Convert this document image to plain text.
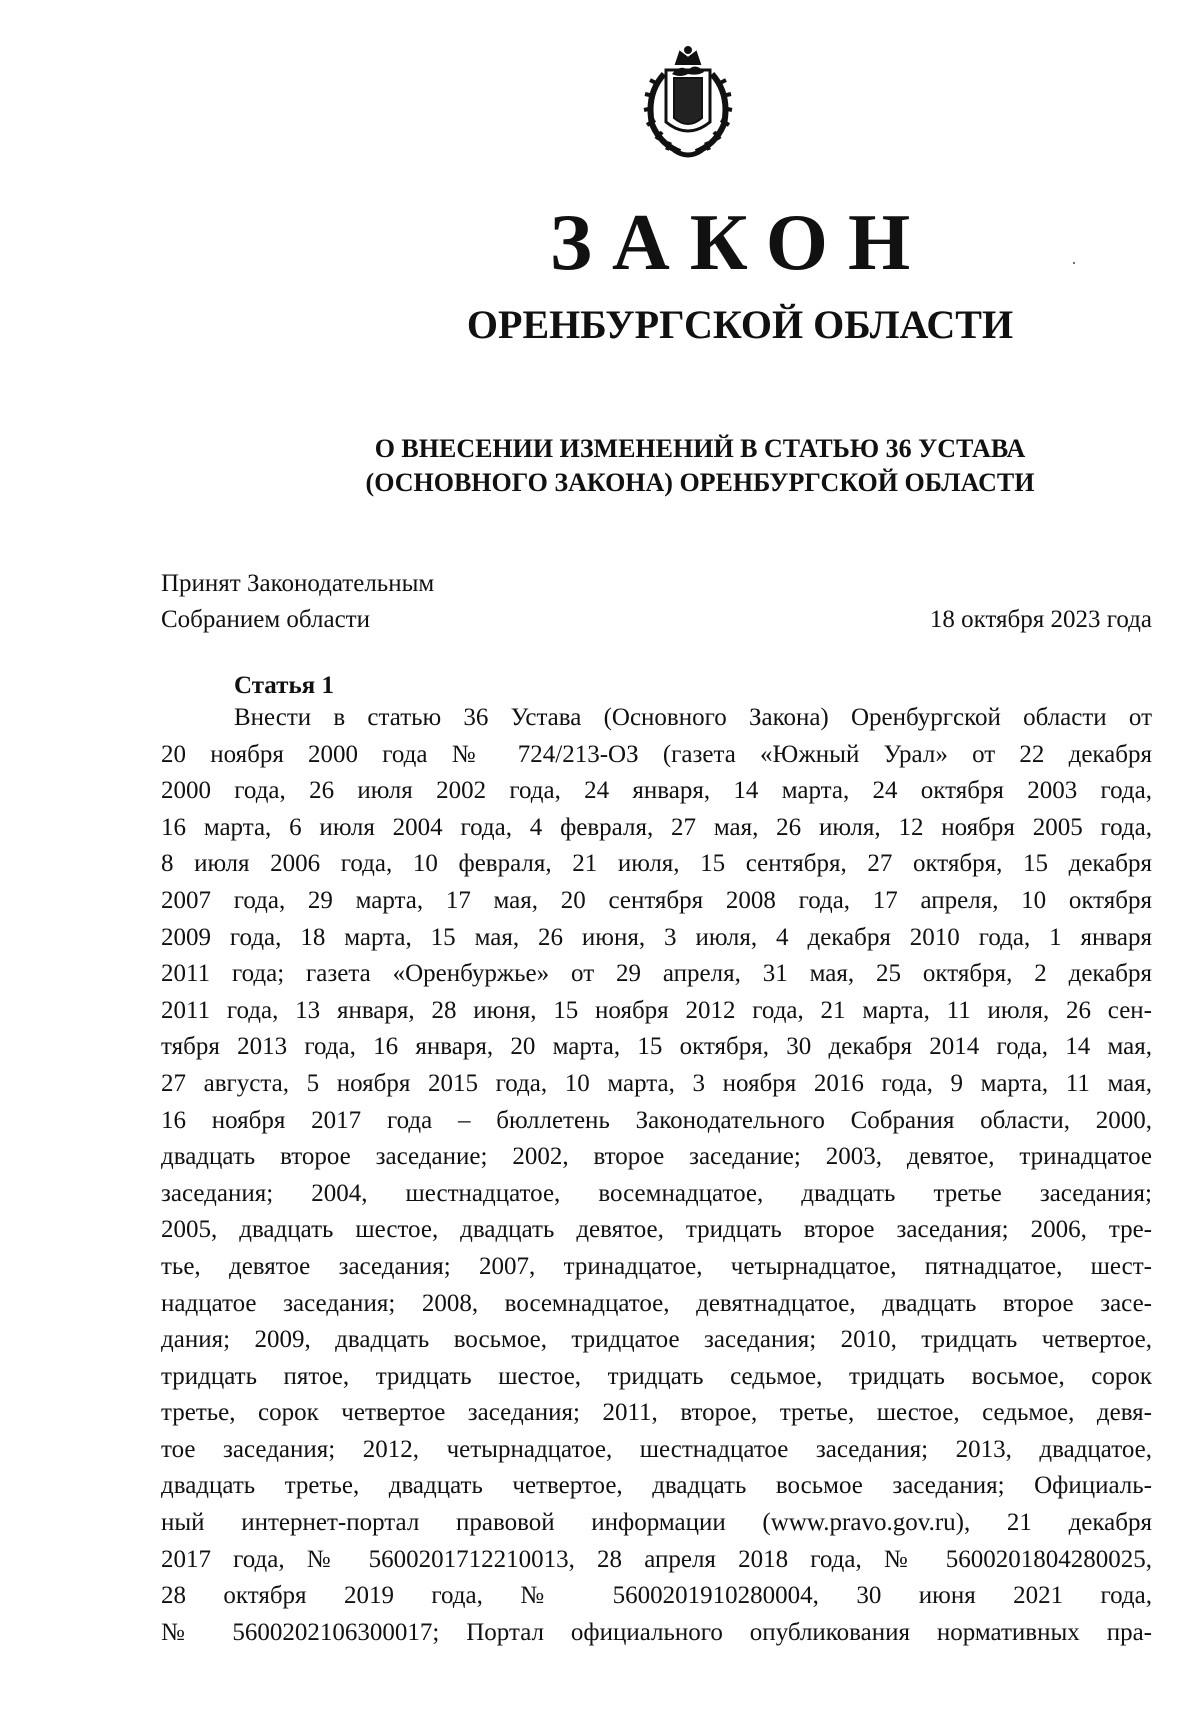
ЗАКОН
ОРЕНБУРГСКОЙ ОБЛАСТИ
О ВНЕСЕНИИ ИЗМЕНЕНИЙ В СТАТЬЮ 36 УСТАВА
(ОСНОВНОГО ЗАКОНА) ОРЕНБУРГСКОЙ ОБЛАСТИ
Принят Законодательным
Собранием области	18 октября 2023 года
Статья 1
Внести в статью 36 Устава (Основного Закона) Оренбургской области от
20 ноября 2000 года № 724/213-ОЗ (газета «Южный Урал» от 22 декабря
2000 года, 26 июля 2002 года, 24 января, 14 марта, 24 октября 2003 года,
16 марта, 6 июля 2004 года, 4 февраля, 27 мая, 26 июля, 12 ноября 2005 года,
8 июля 2006 года, 10 февраля, 21 июля, 15 сентября, 27 октября, 15 декабря
2007 года, 29 марта, 17 мая, 20 сентября 2008 года, 17 апреля, 10 октября
2009 года, 18 марта, 15 мая, 26 июня, 3 июля, 4 декабря 2010 года, 1 января
2011 года; газета «Оренбуржье» от 29 апреля, 31 мая, 25 октября, 2 декабря
2011 года, 13 января, 28 июня, 15 ноября 2012 года, 21 марта, 11 июля, 26 сен-
тября 2013 года, 16 января, 20 марта, 15 октября, 30 декабря 2014 года, 14 мая,
27 августа, 5 ноября 2015 года, 10 марта, 3 ноября 2016 года, 9 марта, 11 мая,
16 ноября 2017 года – бюллетень Законодательного Собрания области, 2000,
двадцать второе заседание; 2002, второе заседание; 2003, девятое, тринадцатое
заседания; 2004, шестнадцатое, восемнадцатое, двадцать третье заседания;
2005, двадцать шестое, двадцать девятое, тридцать второе заседания; 2006, тре-
тье, девятое заседания; 2007, тринадцатое, четырнадцатое, пятнадцатое, шест-
надцатое заседания; 2008, восемнадцатое, девятнадцатое, двадцать второе засе-
дания; 2009, двадцать восьмое, тридцатое заседания; 2010, тридцать четвертое,
тридцать пятое, тридцать шестое, тридцать седьмое, тридцать восьмое, сорок
третье, сорок четвертое заседания; 2011, второе, третье, шестое, седьмое, девя-
тое заседания; 2012, четырнадцатое, шестнадцатое заседания; 2013, двадцатое,
двадцать третье, двадцать четвертое, двадцать восьмое заседания; Официаль-
ный интернет-портал правовой информации (www.pravo.gov.ru), 21 декабря
2017 года, № 5600201712210013, 28 апреля 2018 года, № 5600201804280025,
28 октября 2019 года, № 5600201910280004, 30 июня 2021 года,
№ 5600202106300017; Портал официального опубликования нормативных пра-
